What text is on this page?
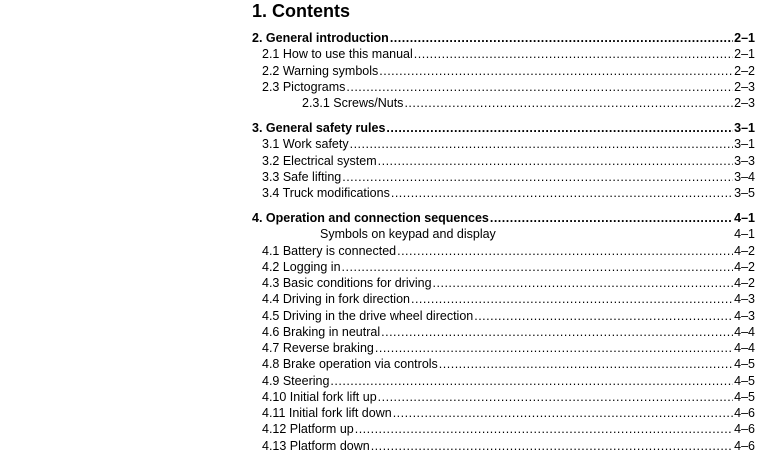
1. Contents
2. General introduction .....	2–1
2.1 How to use this manual .....	2–1
2.2 Warning symbols .....	2–2
2.3 Pictograms .....	2–3
2.3.1 Screws/Nuts .....	2–3
3. General safety rules .....	3–1
3.1 Work safety .....	3–1
3.2 Electrical system .....	3–3
3.3 Safe lifting .....	3–4
3.4 Truck modifications .....	3–5
4. Operation and connection sequences .....	4–1
Symbols on keypad and display	4–1
4.1 Battery is connected .....	4–2
4.2 Logging in .....	4–2
4.3 Basic conditions for driving .....	4–2
4.4 Driving in fork direction .....	4–3
4.5 Driving in the drive wheel direction .....	4–3
4.6 Braking in neutral .....	4–4
4.7 Reverse braking .....	4–4
4.8 Brake operation via controls .....	4–5
4.9 Steering .....	4–5
4.10 Initial fork lift up .....	4–5
4.11 Initial fork lift down .....	4–6
4.12 Platform up .....	4–6
4.13 Platform down .....	4–6
